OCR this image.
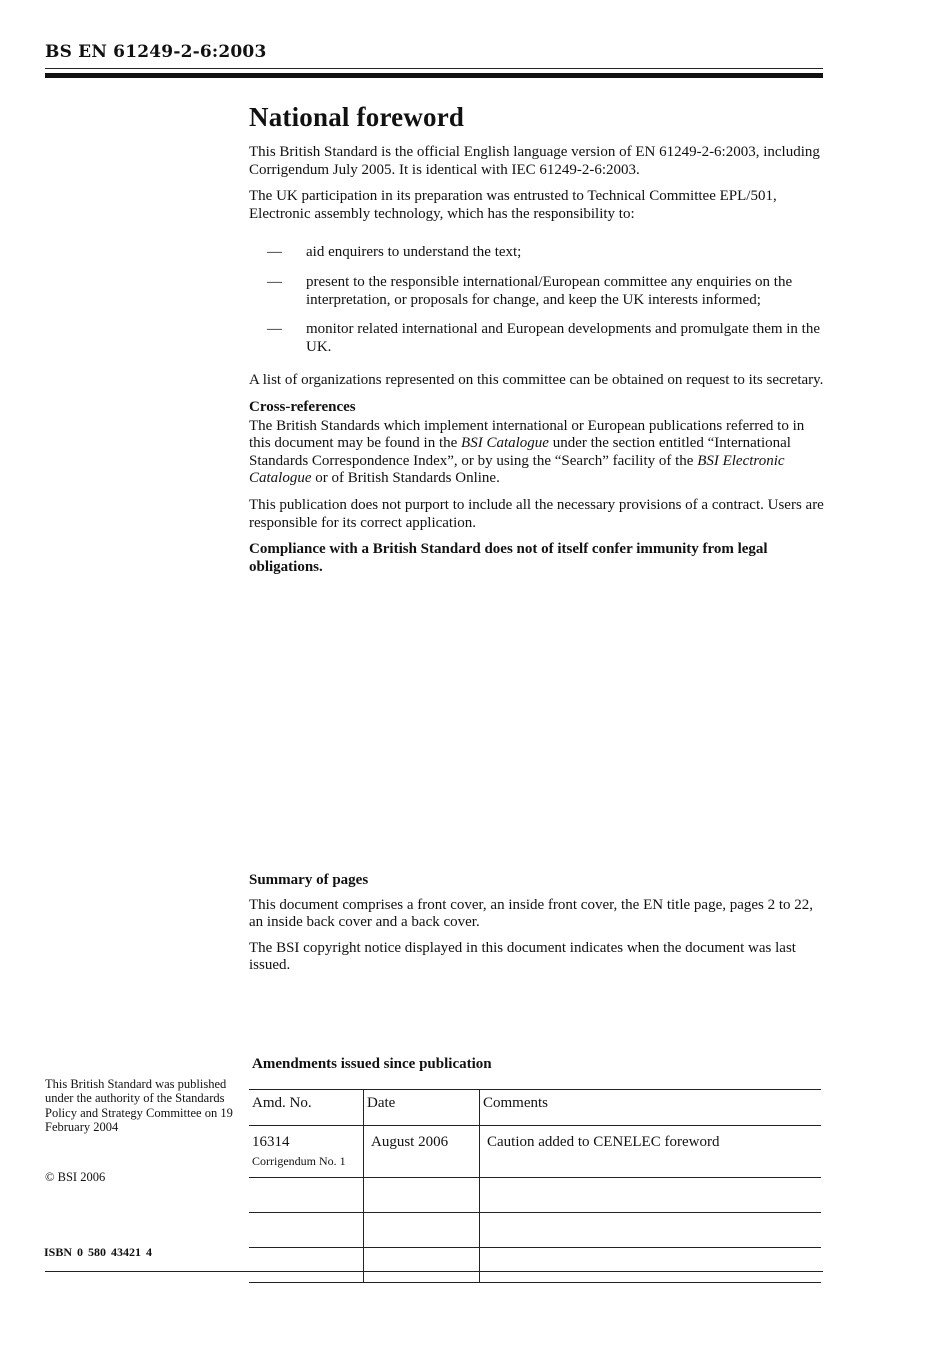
BS EN 61249-2-6:2003
National foreword

This British Standard is the official English language version of EN 61249-2-6:2003, including Corrigendum July 2005. It is identical with IEC 61249-2-6:2003.

The UK participation in its preparation was entrusted to Technical Committee EPL/501, Electronic assembly technology, which has the responsibility to:

— aid enquirers to understand the text;
— present to the responsible international/European committee any enquiries on the interpretation, or proposals for change, and keep the UK interests informed;
— monitor related international and European developments and promulgate them in the UK.

A list of organizations represented on this committee can be obtained on request to its secretary.

Cross-references

The British Standards which implement international or European publications referred to in this document may be found in the BSI Catalogue under the section entitled “International Standards Correspondence Index”, or by using the “Search” facility of the BSI Electronic Catalogue or of British Standards Online.

This publication does not purport to include all the necessary provisions of a contract. Users are responsible for its correct application.

Compliance with a British Standard does not of itself confer immunity from legal obligations.

Summary of pages

This document comprises a front cover, an inside front cover, the EN title page, pages 2 to 22, an inside back cover and a back cover.

The BSI copyright notice displayed in this document indicates when the document was last issued.

This British Standard was published under the authority of the Standards Policy and Strategy Committee on 19 February 2004

© BSI 2006
ISBN 0 580 43421 4
Amendments issued since publication
Amd. No.	Date	Comments
16314
Corrigendum No. 1	August 2006	Caution added to CENELEC foreword
